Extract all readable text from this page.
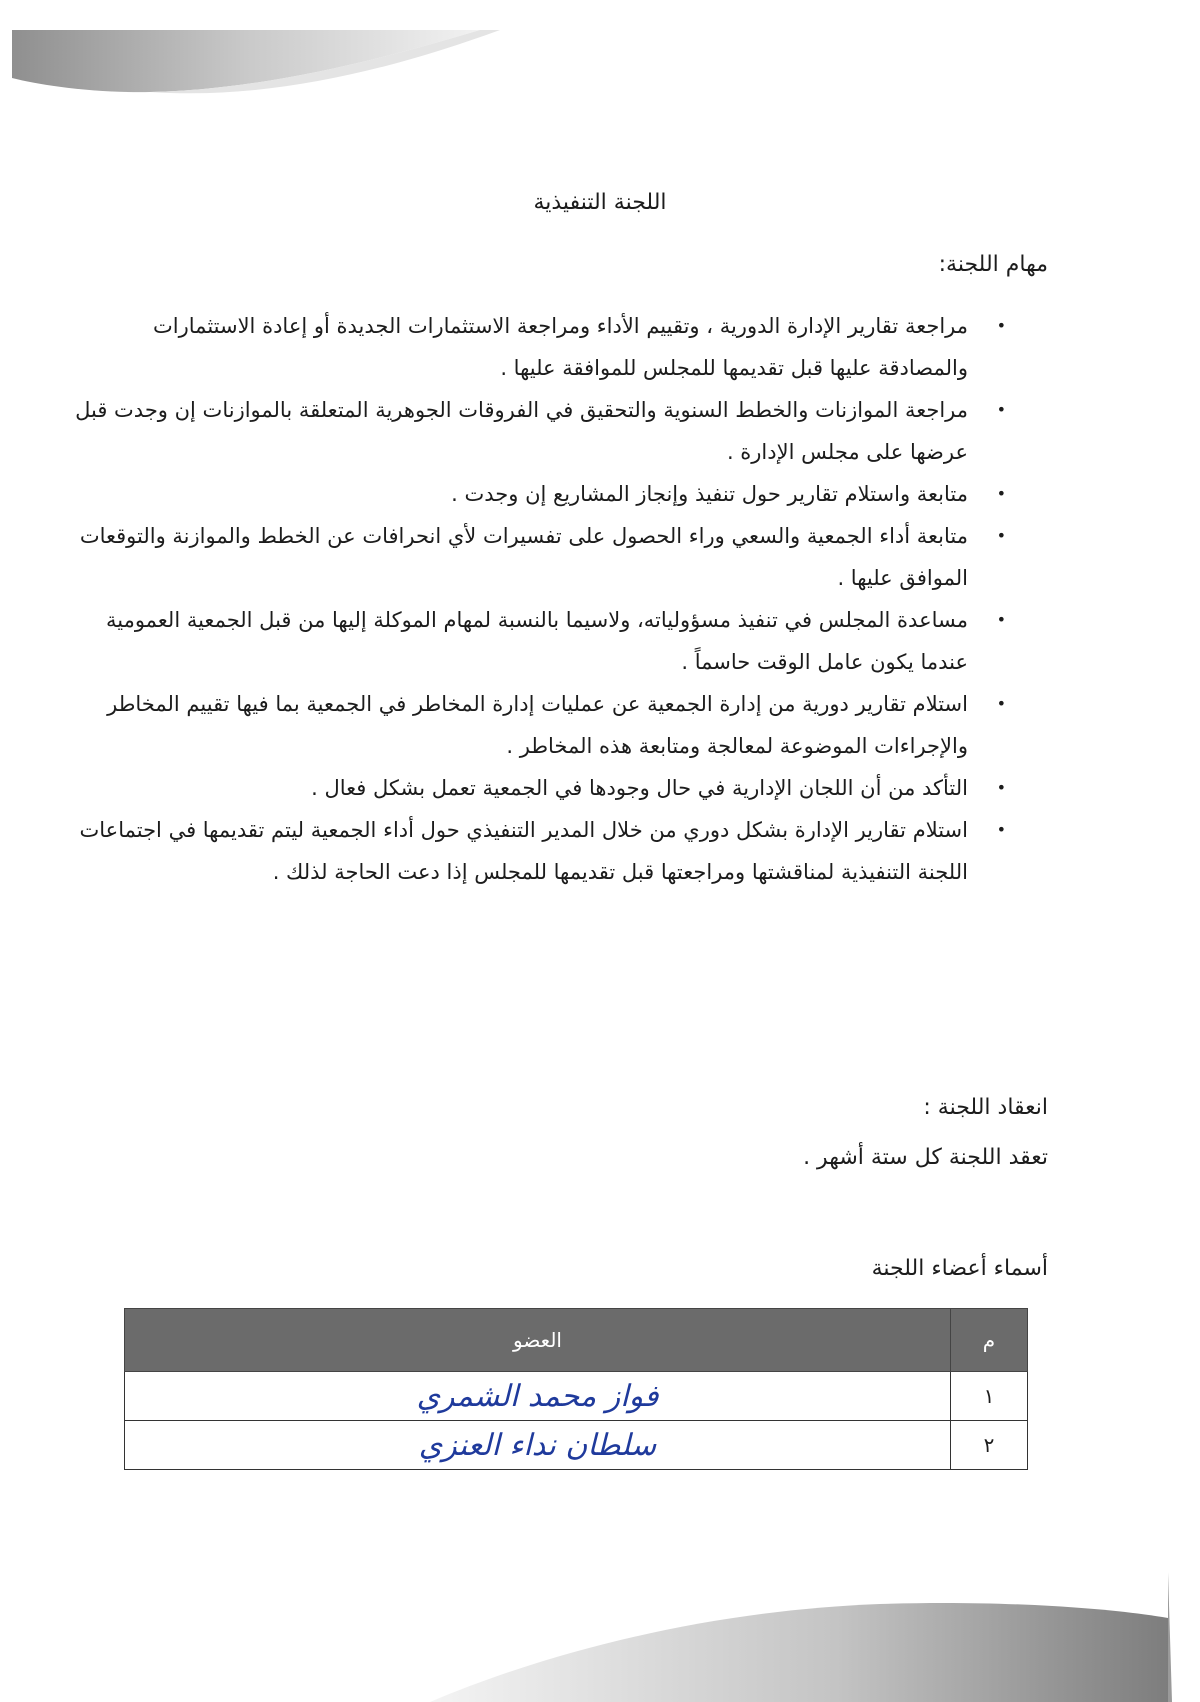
اللجنة التنفيذية
مهام اللجنة:
•
مراجعة تقارير الإدارة الدورية ، وتقييم الأداء ومراجعة الاستثمارات الجديدة أو إعادة الاستثمارات والمصادقة عليها قبل تقديمها للمجلس للموافقة عليها .
•
مراجعة الموازنات والخطط السنوية والتحقيق في الفروقات الجوهرية المتعلقة بالموازنات إن وجدت قبل عرضها على مجلس الإدارة .
•
متابعة واستلام تقارير حول تنفيذ وإنجاز المشاريع إن وجدت .
•
متابعة أداء الجمعية والسعي وراء الحصول على تفسيرات لأي انحرافات عن الخطط والموازنة والتوقعات الموافق عليها .
•
مساعدة المجلس في تنفيذ مسؤولياته، ولاسيما بالنسبة لمهام الموكلة إليها من قبل الجمعية العمومية عندما يكون عامل الوقت حاسماً .
•
استلام تقارير دورية من إدارة الجمعية عن عمليات إدارة المخاطر في الجمعية بما فيها تقييم المخاطر والإجراءات الموضوعة لمعالجة ومتابعة هذه المخاطر .
•
التأكد من أن اللجان الإدارية في حال وجودها في الجمعية تعمل بشكل فعال .
•
استلام تقارير الإدارة بشكل دوري من خلال المدير التنفيذي حول أداء الجمعية ليتم تقديمها في اجتماعات اللجنة التنفيذية لمناقشتها ومراجعتها قبل تقديمها للمجلس إذا دعت الحاجة لذلك .
انعقاد اللجنة :

تعقد اللجنة كل ستة أشهر .

أسماء أعضاء اللجنة
م	العضو
١	فواز محمد الشمري
٢	سلطان نداء العنزي
